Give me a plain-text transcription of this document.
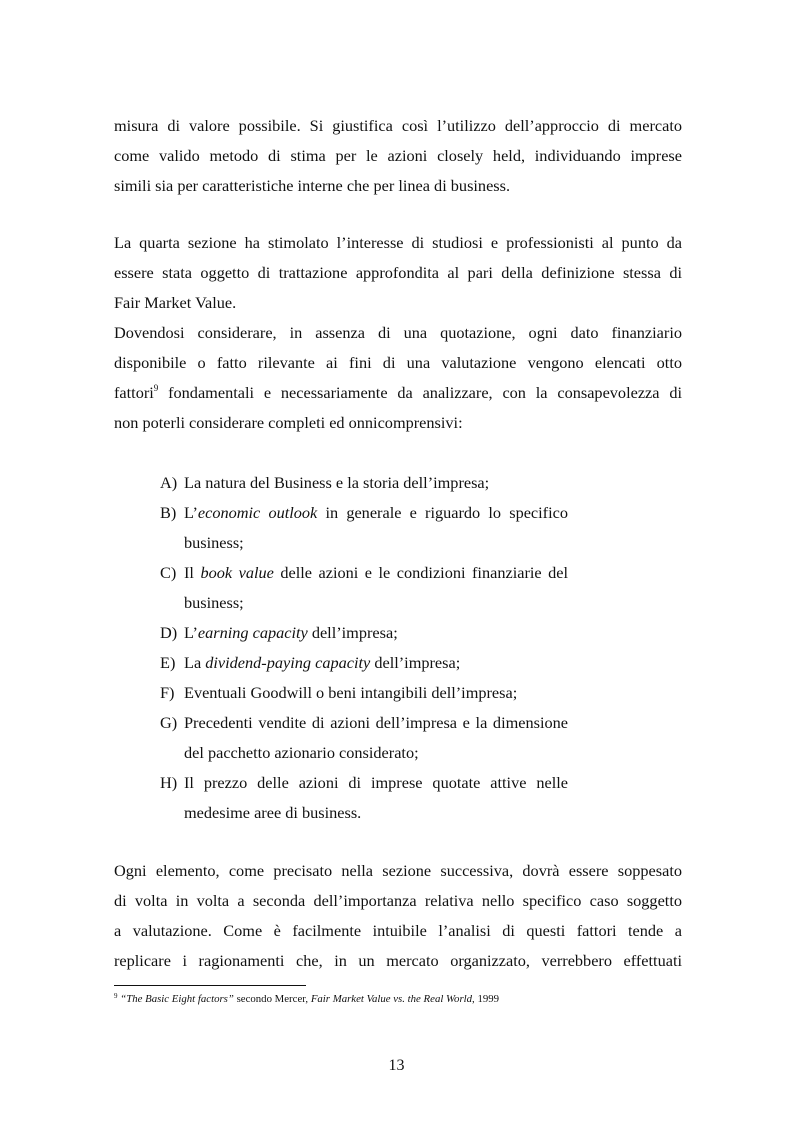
misura di valore possibile. Si giustifica così l’utilizzo dell’approccio di mercato

come valido metodo di stima per le azioni closely held, individuando imprese

simili sia per caratteristiche interne che per linea di business.

La quarta sezione ha stimolato l’interesse di studiosi e professionisti al punto da

essere stata oggetto di trattazione approfondita al pari della definizione stessa di

Fair Market Value.

Dovendosi considerare, in assenza di una quotazione, ogni dato finanziario

disponibile o fatto rilevante ai fini di una valutazione vengono elencati otto

fattori$^9$ fondamentali e necessariamente da analizzare, con la consapevolezza di

non poterli considerare completi ed onnicomprensivi:

A) La natura del Business e la storia dell’impresa;
B) L’economic outlook in generale e riguardo lo specifico business;
C) Il book value delle azioni e le condizioni finanziarie del business;
D) L’earning capacity dell’impresa;
E) La dividend-paying capacity dell’impresa;
F) Eventuali Goodwill o beni intangibili dell’impresa;
G) Precedenti vendite di azioni dell’impresa e la dimensione del pacchetto azionario considerato;
H) Il prezzo delle azioni di imprese quotate attive nelle medesime aree di business.

Ogni elemento, come precisato nella sezione successiva, dovrà essere soppesato

di volta in volta a seconda dell’importanza relativa nello specifico caso soggetto

a valutazione. Come è facilmente intuibile l’analisi di questi fattori tende a

replicare i ragionamenti che, in un mercato organizzato, verrebbero effettuati

$^9$ “The Basic Eight factors” secondo Mercer, Fair Market Value vs. the Real World, 1999
13
